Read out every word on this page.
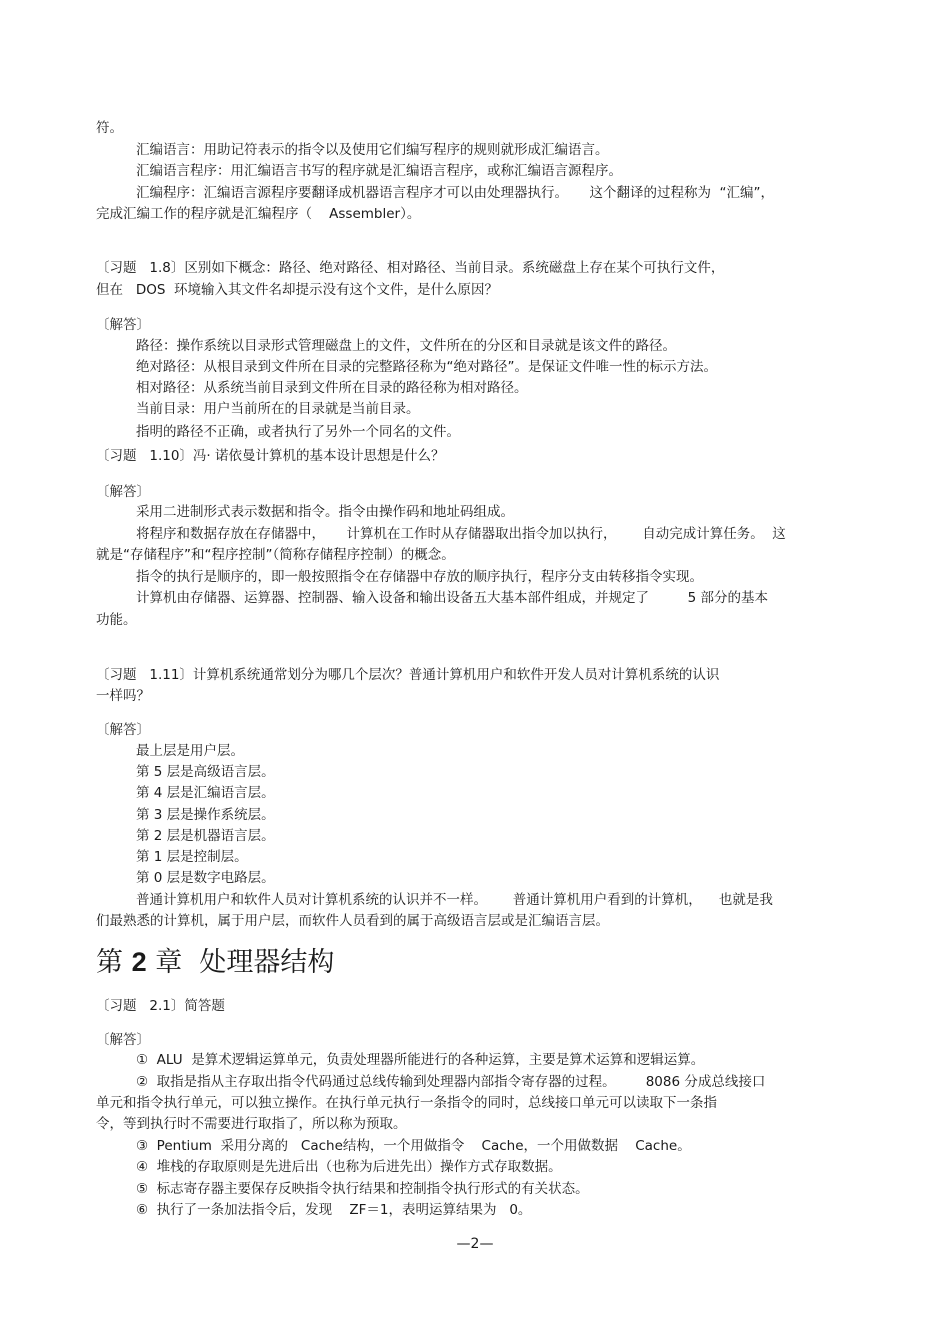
符。
汇编语言：用助记符表示的指令以及使用它们编写程序的规则就形成汇编语言。
汇编语言程序：用汇编语言书写的程序就是汇编语言程序，或称汇编语言源程序。
汇编程序：汇编语言源程序要翻译成机器语言程序才可以由处理器执行。     这个翻译的过程称为  “汇编”，
完成汇编工作的程序就是汇编程序（    Assembler）。
〔习题   1.8〕区别如下概念：路径、绝对路径、相对路径、当前目录。系统磁盘上存在某个可执行文件，
但在   DOS  环境输入其文件名却提示没有这个文件，是什么原因？
〔解答〕
路径：操作系统以目录形式管理磁盘上的文件，文件所在的分区和目录就是该文件的路径。
绝对路径：从根目录到文件所在目录的完整路径称为“绝对路径”。是保证文件唯一性的标示方法。
相对路径：从系统当前目录到文件所在目录的路径称为相对路径。
当前目录：用户当前所在的目录就是当前目录。
指明的路径不正确，或者执行了另外一个同名的文件。
〔习题   1.10〕冯· 诺依曼计算机的基本设计思想是什么？
〔解答〕
采用二进制形式表示数据和指令。指令由操作码和地址码组成。
将程序和数据存放在存储器中，     计算机在工作时从存储器取出指令加以执行，      自动完成计算任务。  这
就是“存储程序”和“程序控制”（简称存储程序控制）的概念。
指令的执行是顺序的，即一般按照指令在存储器中存放的顺序执行，程序分支由转移指令实现。
计算机由存储器、运算器、控制器、输入设备和输出设备五大基本部件组成，并规定了         5 部分的基本
功能。
〔习题   1.11〕计算机系统通常划分为哪几个层次？普通计算机用户和软件开发人员对计算机系统的认识
一样吗？
〔解答〕
最上层是用户层。
第 5 层是高级语言层。
第 4 层是汇编语言层。
第 3 层是操作系统层。
第 2 层是机器语言层。
第 1 层是控制层。
第 0 层是数字电路层。
普通计算机用户和软件人员对计算机系统的认识并不一样。      普通计算机用户看到的计算机，    也就是我
们最熟悉的计算机，属于用户层，而软件人员看到的属于高级语言层或是汇编语言层。
第 2 章  处理器结构
〔习题   2.1〕简答题
〔解答〕
①  ALU  是算术逻辑运算单元，负责处理器所能进行的各种运算，主要是算术运算和逻辑运算。
②  取指是指从主存取出指令代码通过总线传输到处理器内部指令寄存器的过程。       8086 分成总线接口
单元和指令执行单元，可以独立操作。在执行单元执行一条指令的同时，总线接口单元可以读取下一条指
令，等到执行时不需要进行取指了，所以称为预取。
③  Pentium  采用分离的   Cache结构，一个用做指令    Cache，一个用做数据    Cache。
④  堆栈的存取原则是先进后出（也称为后进先出）操作方式存取数据。
⑤  标志寄存器主要保存反映指令执行结果和控制指令执行形式的有关状态。
⑥  执行了一条加法指令后，发现    ZF＝1，表明运算结果为   0。
—2—
